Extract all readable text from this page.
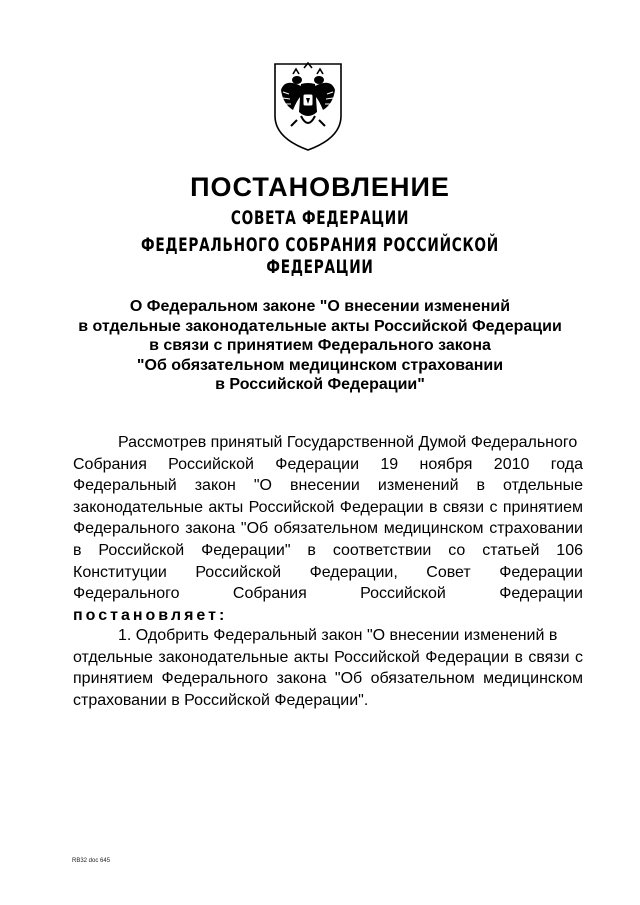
ПОСТАНОВЛЕНИЕ
СОВЕТА ФЕДЕРАЦИИ
ФЕДЕРАЛЬНОГО СОБРАНИЯ РОССИЙСКОЙ ФЕДЕРАЦИИ
О Федеральном законе "О внесении изменений
в отдельные законодательные акты Российской Федерации
в связи с принятием Федерального закона
"Об обязательном медицинском страховании
в Российской Федерации"
Рассмотрев принятый Государственной Думой Федерального
Собрания Российской Федерации 19 ноября 2010 года
Федеральный закон "О внесении изменений в отдельные
законодательные акты Российской Федерации в связи с принятием
Федерального закона "Об обязательном медицинском страховании
в Российской Федерации" в соответствии со статьей 106
Конституции Российской Федерации, Совет Федерации
Федерального Собрания Российской Федерации
постановляет:
1. Одобрить Федеральный закон "О внесении изменений в
отдельные законодательные акты Российской Федерации в связи с
принятием Федерального закона "Об обязательном медицинском
страховании в Российской Федерации".
RB32 doc 645
